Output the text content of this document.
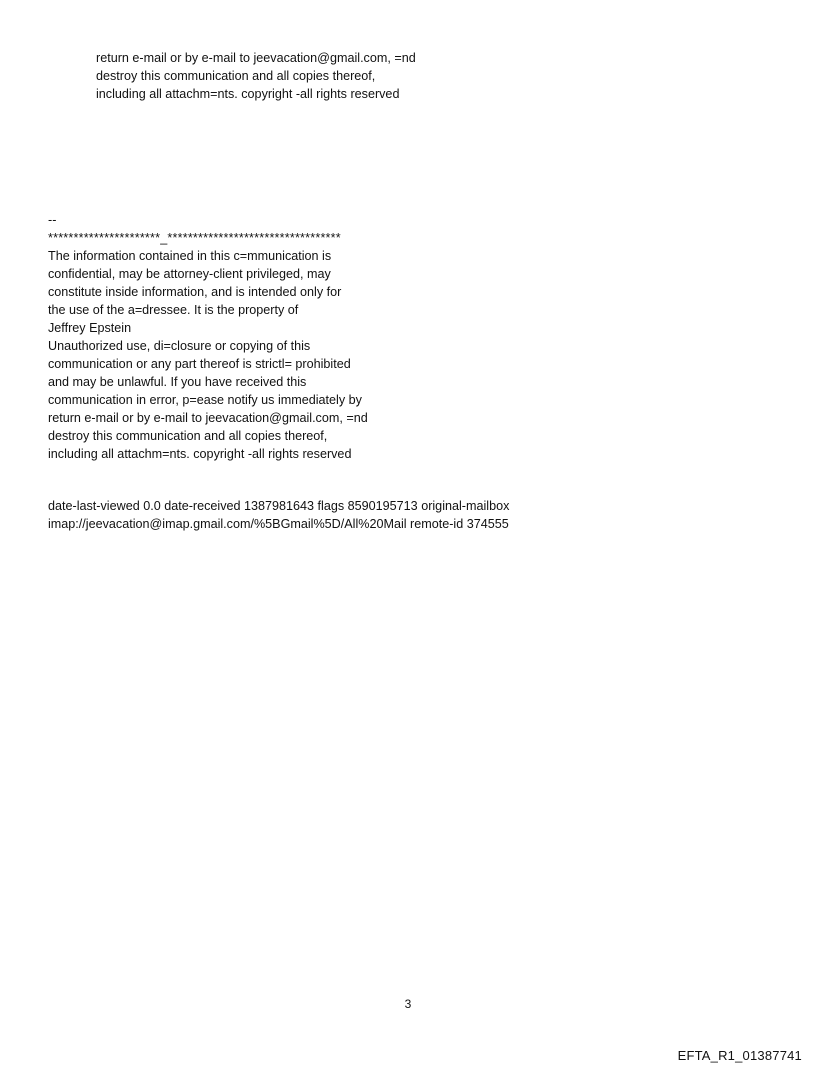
return e-mail or by e-mail to jeevacation@gmail.com, =nd
destroy this communication and all copies thereof,
including all attachm=nts. copyright -all rights reserved
--
**********************_**********************************
The information contained in this c=mmunication is
confidential, may be attorney-client privileged, may
constitute inside information, and is intended only for
the use of the a=dressee. It is the property of
Jeffrey Epstein
Unauthorized use, di=closure or copying of this
communication or any part thereof is strictl= prohibited
and may be unlawful. If you have received this
communication in error, p=ease notify us immediately by
return e-mail or by e-mail to jeevacation@gmail.com, =nd
destroy this communication and all copies thereof,
including all attachm=nts. copyright -all rights reserved
date-last-viewed 0.0 date-received 1387981643 flags 8590195713 original-mailbox
imap://jeevacation@imap.gmail.com/%5BGmail%5D/All%20Mail remote-id 374555
3
EFTA_R1_01387741
